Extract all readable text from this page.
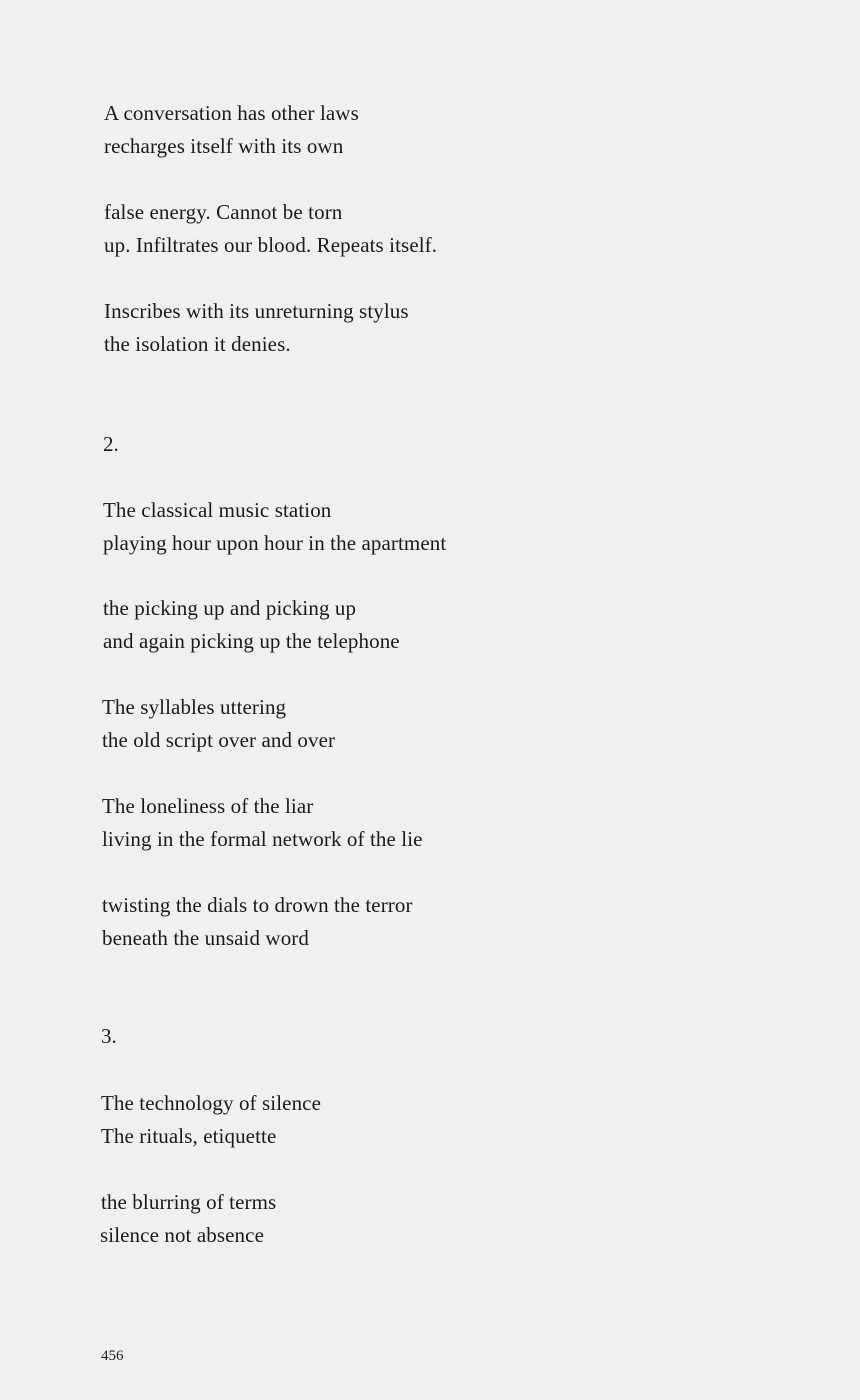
A conversation has other laws
recharges itself with its own
false energy. Cannot be torn
up. Infiltrates our blood. Repeats itself.
Inscribes with its unreturning stylus
the isolation it denies.
2.
The classical music station
playing hour upon hour in the apartment
the picking up and picking up
and again picking up the telephone
The syllables uttering
the old script over and over
The loneliness of the liar
living in the formal network of the lie
twisting the dials to drown the terror
beneath the unsaid word
3.
The technology of silence
The rituals, etiquette
the blurring of terms
silence not absence
456
